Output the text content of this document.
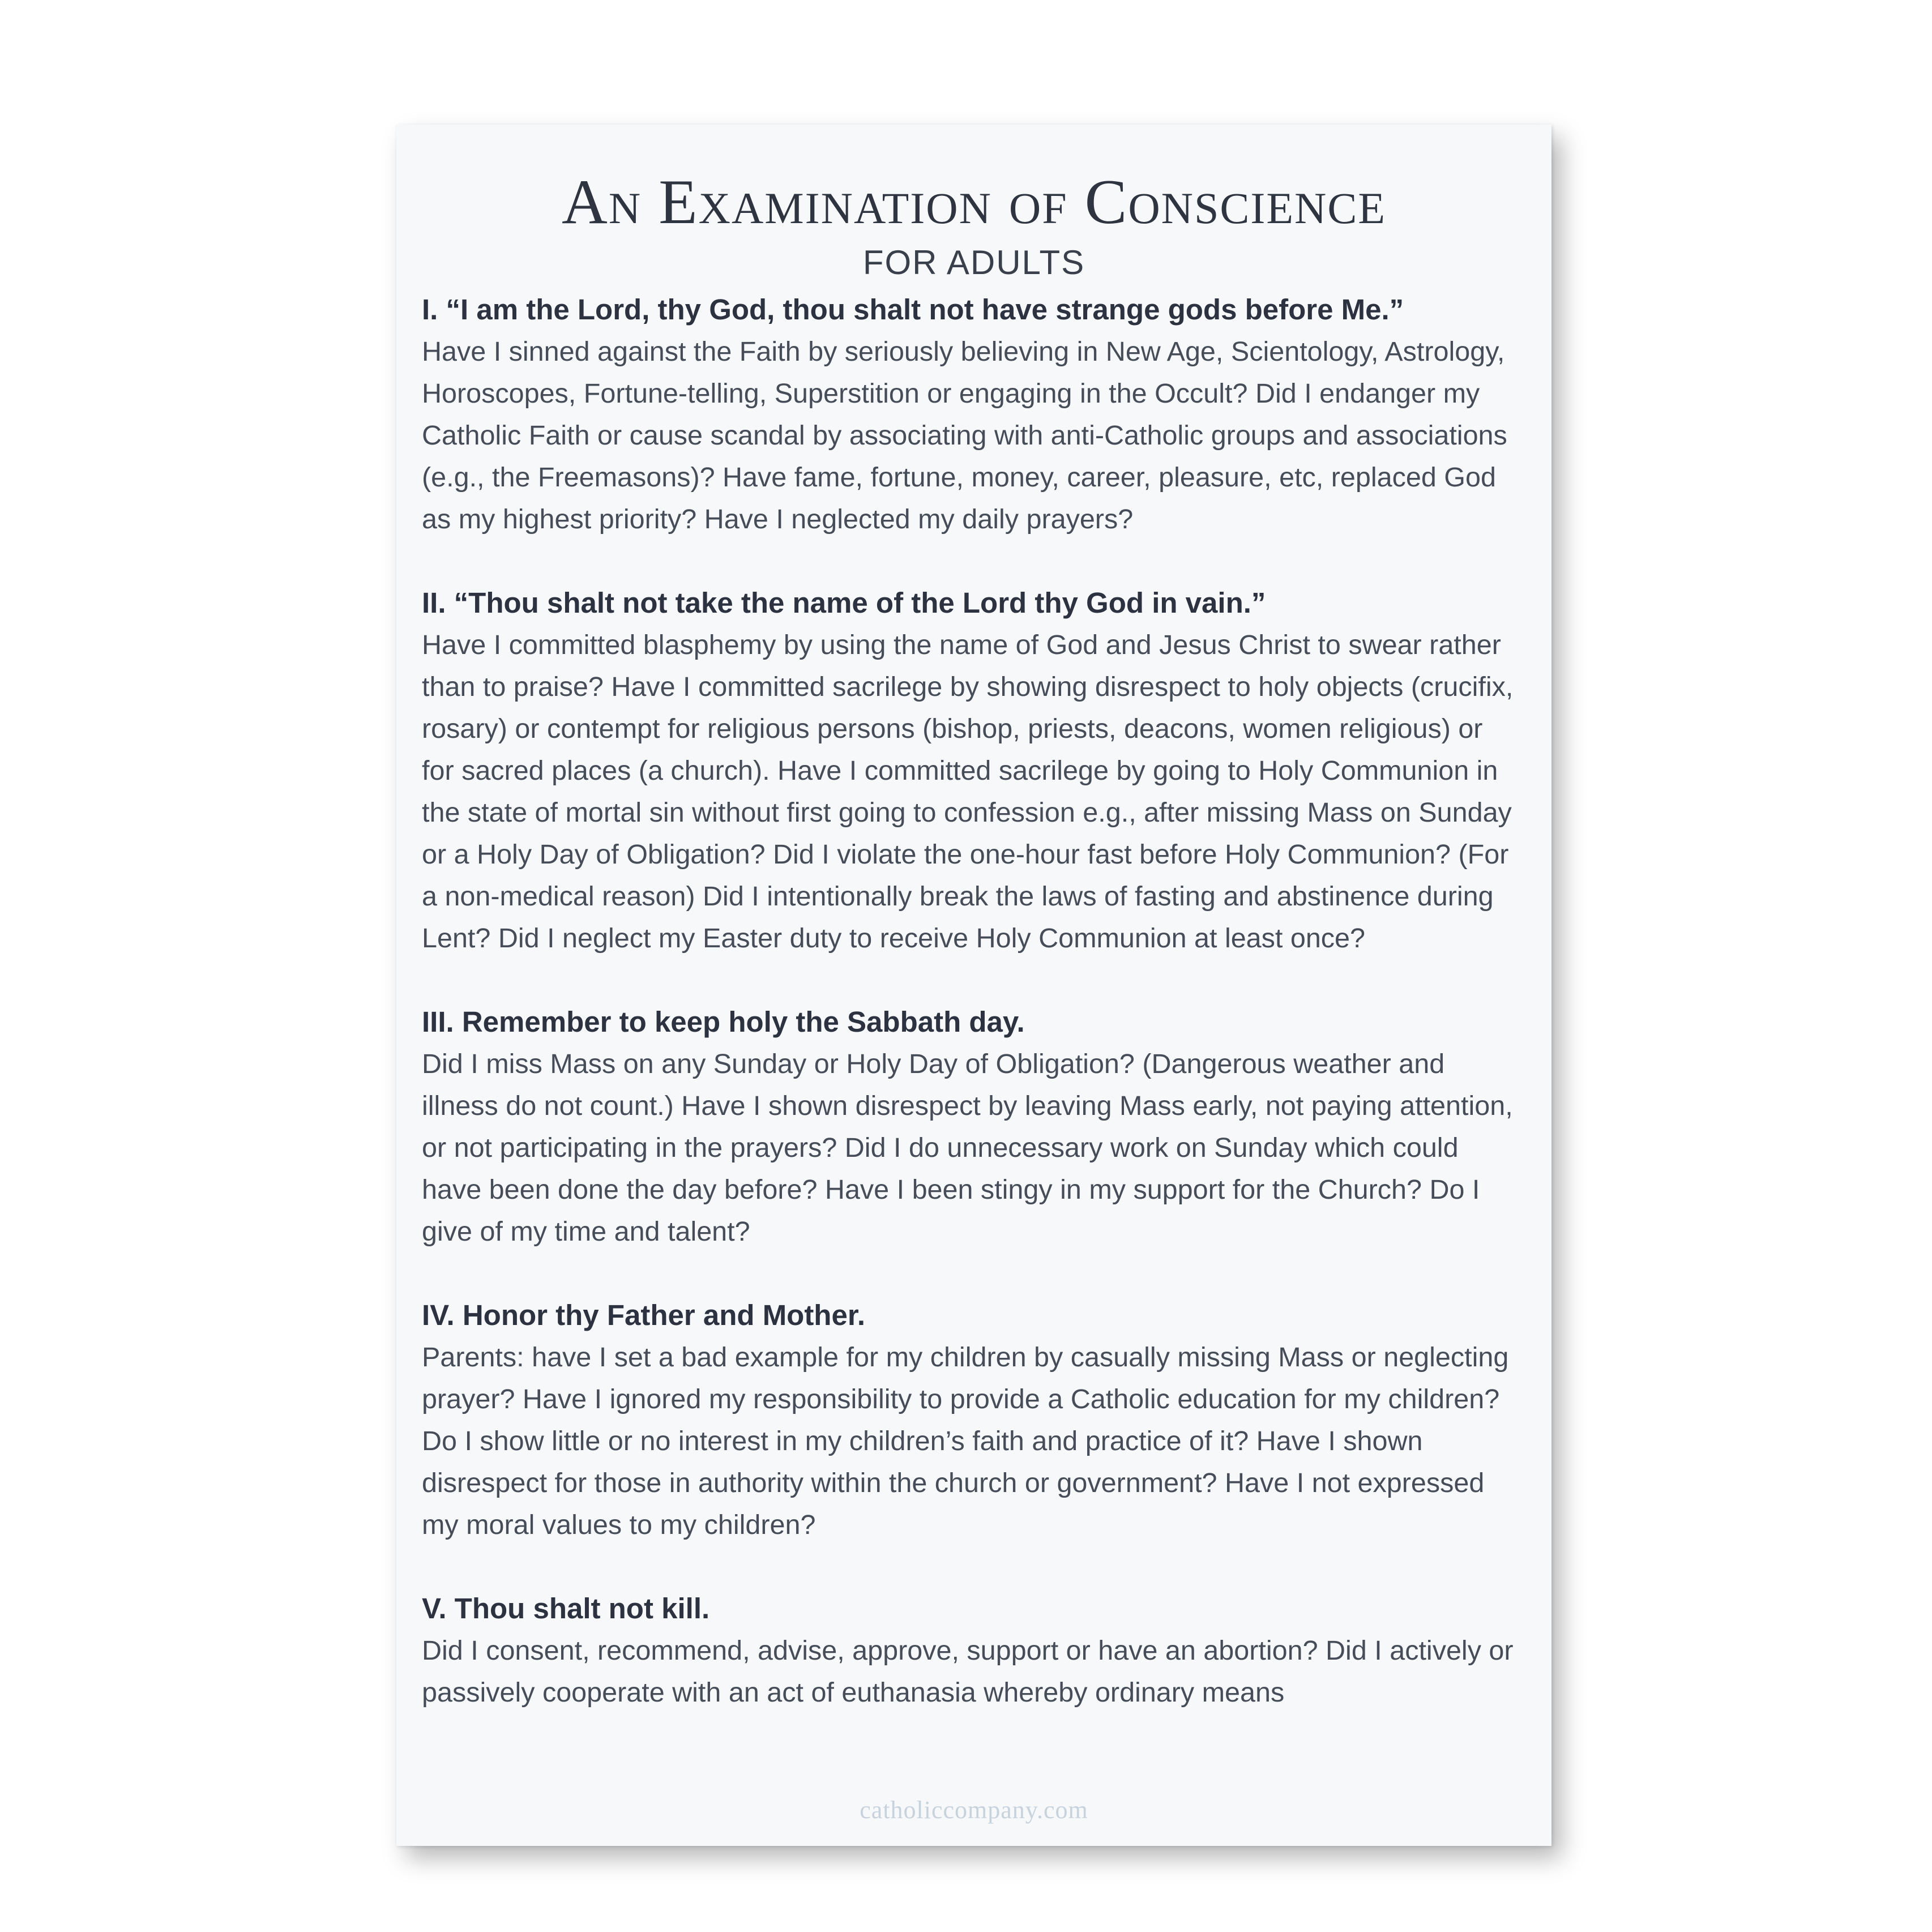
An Examination of Conscience
FOR ADULTS

I. “I am the Lord, thy God, thou shalt not have strange gods before Me.”

Have I sinned against the Faith by seriously believing in New Age, Scientology, Astrology, Horoscopes, Fortune-telling, Superstition or engaging in the Occult? Did I endanger my Catholic Faith or cause scandal by associating with anti-Catholic groups and associations (e.g., the Freemasons)? Have fame, fortune, money, career, pleasure, etc, replaced God as my highest priority? Have I neglected my daily prayers?

II. “Thou shalt not take the name of the Lord thy God in vain.”

Have I committed blasphemy by using the name of God and Jesus Christ to swear rather than to praise? Have I committed sacrilege by showing disrespect to holy objects (crucifix, rosary) or contempt for religious persons (bishop, priests, deacons, women religious) or for sacred places (a church). Have I committed sacrilege by going to Holy Communion in the state of mortal sin without first going to confession e.g., after missing Mass on Sunday or a Holy Day of Obligation? Did I violate the one-hour fast before Holy Communion? (For a non-medical reason) Did I intentionally break the laws of fasting and abstinence during Lent? Did I neglect my Easter duty to receive Holy Communion at least once?

III. Remember to keep holy the Sabbath day.

Did I miss Mass on any Sunday or Holy Day of Obligation? (Dangerous weather and illness do not count.) Have I shown disrespect by leaving Mass early, not paying attention, or not participating in the prayers? Did I do unnecessary work on Sunday which could have been done the day before? Have I been stingy in my support for the Church? Do I give of my time and talent?

IV. Honor thy Father and Mother.

Parents: have I set a bad example for my children by casually missing Mass or neglecting prayer? Have I ignored my responsibility to provide a Catholic education for my children? Do I show little or no interest in my children’s faith and practice of it? Have I shown disrespect for those in authority within the church or government? Have I not expressed my moral values to my children?

V. Thou shalt not kill.

Did I consent, recommend, advise, approve, support or have an abortion? Did I actively or passively cooperate with an act of euthanasia whereby ordinary means

catholiccompany.com
